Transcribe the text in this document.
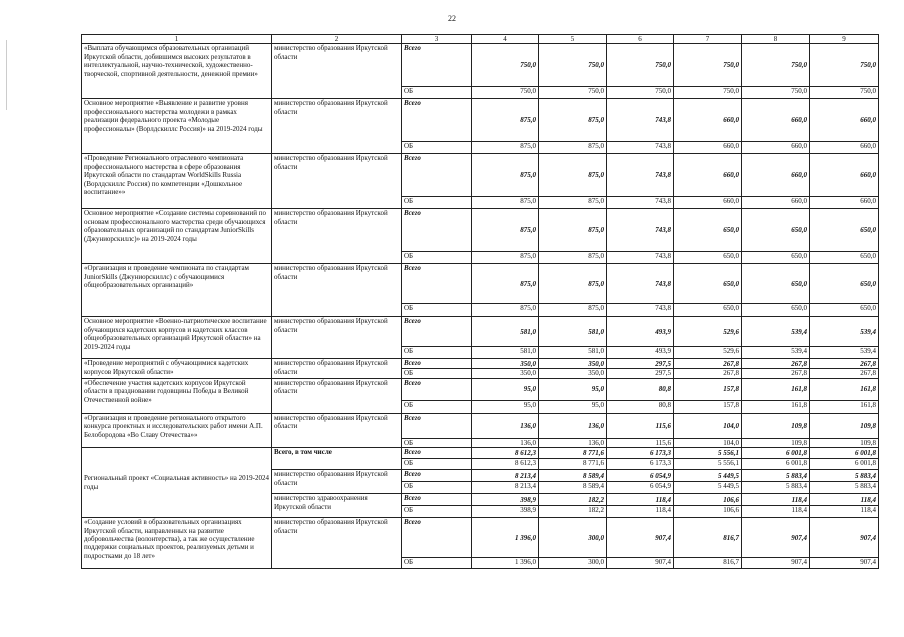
22
1	2	3	4	5	6	7	8	9
«Выплата обучающимся образовательных организаций Иркутской области, добившимся высоких результатов в интеллектуальной, научно-технической, художественно-творческой, спортивной деятельности, денежной премии»	министерство образования Иркутской области	Всего	750,0	750,0	750,0	750,0	750,0	750,0
		ОБ	750,0	750,0	750,0	750,0	750,0	750,0
Основное мероприятие «Выявление и развитие уровня профессионального мастерства молодежи в рамках реализации федерального проекта «Молодые профессионалы» (Ворлдскиллс Россия)» на 2019-2024 годы	министерство образования Иркутской области	Всего	875,0	875,0	743,8	660,0	660,0	660,0
		ОБ	875,0	875,0	743,8	660,0	660,0	660,0
«Проведение Регионального отраслевого чемпионата профессионального мастерства в сфере образования Иркутской области по стандартам WorldSkills Russia (Ворлдскиллс Россия) по компетенции «Дошкольное воспитание»»	министерство образования Иркутской области	Всего	875,0	875,0	743,8	660,0	660,0	660,0
		ОБ	875,0	875,0	743,8	660,0	660,0	660,0
Основное мероприятие «Создание системы соревнований по основам профессионального мастерства среди обучающихся образовательных организаций по стандартам JuniorSkills (Джуниорскиллс)» на 2019-2024 годы	министерство образования Иркутской области	Всего	875,0	875,0	743,8	650,0	650,0	650,0
		ОБ	875,0	875,0	743,8	650,0	650,0	650,0
«Организация и проведение чемпионата по стандартам JuniorSkills (Джуниорскиллс) с обучающимися общеобразовательных организаций»	министерство образования Иркутской области	Всего	875,0	875,0	743,8	650,0	650,0	650,0
		ОБ	875,0	875,0	743,8	650,0	650,0	650,0
Основное мероприятие «Военно-патриотическое воспитание обучающихся кадетских корпусов и кадетских классов общеобразовательных организаций Иркутской области» на 2019-2024 годы	министерство образования Иркутской области	Всего	581,0	581,0	493,9	529,6	539,4	539,4
		ОБ	581,0	581,0	493,9	529,6	539,4	539,4
«Проведение мероприятий с обучающимися кадетских корпусов Иркутской области»	министерство образования Иркутской области	Всего	350,0	350,0	297,5	267,8	267,8	267,8
		ОБ	350,0	350,0	297,5	267,8	267,8	267,8
«Обеспечение участия кадетских корпусов Иркутской области в праздновании годовщины Победы в Великой Отечественной войне»	министерство образования Иркутской области	Всего	95,0	95,0	80,8	157,8	161,8	161,8
		ОБ	95,0	95,0	80,8	157,8	161,8	161,8
«Организация и проведение регионального открытого конкурса проектных и исследовательских работ имени А.П. Белобородова «Во Славу Отечества»»	министерство образования Иркутской области	Всего	136,0	136,0	115,6	104,0	109,8	109,8
		ОБ	136,0	136,0	115,6	104,0	109,8	109,8
Региональный проект «Социальная активность» на 2019-2024 годы	Всего, в том числе	Всего	8 612,3	8 771,6	6 173,3	5 556,1	6 001,8	6 001,8
		ОБ	8 612,3	8 771,6	6 173,3	5 556,1	6 001,8	6 001,8
	министерство образования Иркутской области	Всего	8 213,4	8 589,4	6 054,9	5 449,5	5 883,4	5 883,4
		ОБ	8 213,4	8 589,4	6 054,9	5 449,5	5 883,4	5 883,4
	министерство здравоохранения Иркутской области	Всего	398,9	182,2	118,4	106,6	118,4	118,4
		ОБ	398,9	182,2	118,4	106,6	118,4	118,4
«Создание условий в образовательных организациях Иркутской области, направленных на развитие добровольчества (волонтерства), а так же осуществление поддержки социальных проектов, реализуемых детьми и подростками до 18 лет»	министерство образования Иркутской области	Всего	1 396,0	300,0	907,4	816,7	907,4	907,4
		ОБ	1 396,0	300,0	907,4	816,7	907,4	907,4
